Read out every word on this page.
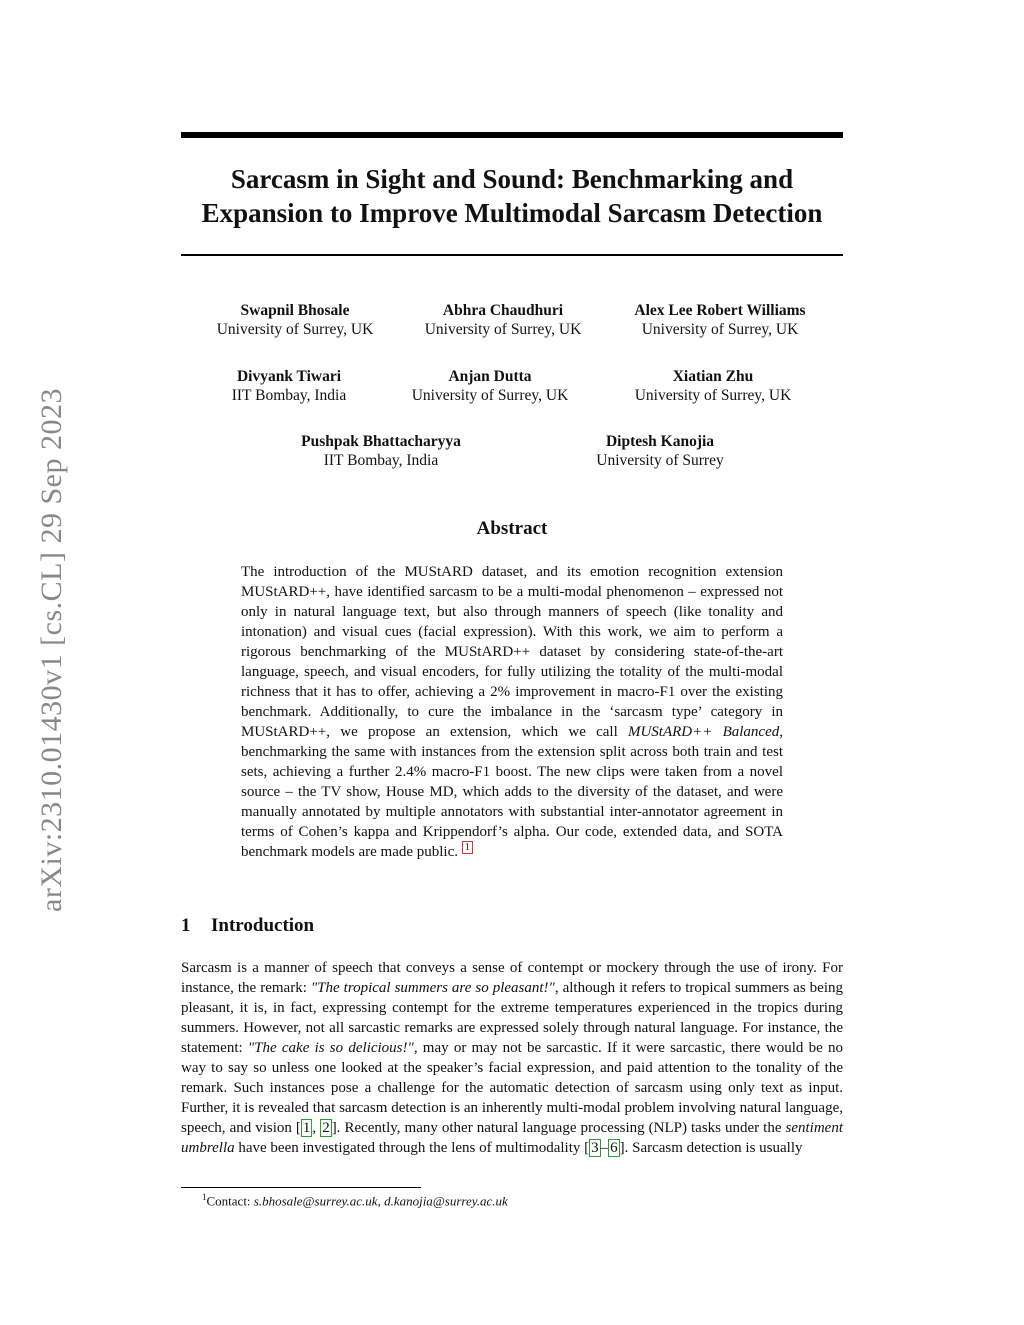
arXiv:2310.01430v1 [cs.CL] 29 Sep 2023
Sarcasm in Sight and Sound: Benchmarking and
Expansion to Improve Multimodal Sarcasm Detection
Swapnil Bhosale
University of Surrey, UK
Abhra Chaudhuri
University of Surrey, UK
Alex Lee Robert Williams
University of Surrey, UK
Divyank Tiwari
IIT Bombay, India
Anjan Dutta
University of Surrey, UK
Xiatian Zhu
University of Surrey, UK
Pushpak Bhattacharyya
IIT Bombay, India
Diptesh Kanojia
University of Surrey
Abstract
The introduction of the MUStARD dataset, and its emotion recognition extension MUStARD++, have identified sarcasm to be a multi-modal phenomenon – expressed not only in natural language text, but also through manners of speech (like tonality and intonation) and visual cues (facial expression). With this work, we aim to perform a rigorous benchmarking of the MUStARD++ dataset by considering state-of-the-art language, speech, and visual encoders, for fully utilizing the totality of the multi-modal richness that it has to offer, achieving a 2% improvement in macro-F1 over the existing benchmark. Additionally, to cure the imbalance in the ‘sarcasm type’ category in MUStARD++, we propose an extension, which we call MUStARD++ Balanced, benchmarking the same with instances from the extension split across both train and test sets, achieving a further 2.4% macro-F1 boost. The new clips were taken from a novel source – the TV show, House MD, which adds to the diversity of the dataset, and were manually annotated by multiple annotators with substantial inter-annotator agreement in terms of Cohen’s kappa and Krippendorf’s alpha. Our code, extended data, and SOTA benchmark models are made public. $^1$
1 Introduction
Sarcasm is a manner of speech that conveys a sense of contempt or mockery through the use of irony. For instance, the remark: "The tropical summers are so pleasant!", although it refers to tropical summers as being pleasant, it is, in fact, expressing contempt for the extreme temperatures experienced in the tropics during summers. However, not all sarcastic remarks are expressed solely through natural language. For instance, the statement: "The cake is so delicious!", may or may not be sarcastic. If it were sarcastic, there would be no way to say so unless one looked at the speaker’s facial expression, and paid attention to the tonality of the remark. Such instances pose a challenge for the automatic detection of sarcasm using only text as input. Further, it is revealed that sarcasm detection is an inherently multi-modal problem involving natural language, speech, and vision [ 1 , 2 ]. Recently, many other natural language processing (NLP) tasks under the sentiment umbrella have been investigated through the lens of multimodality [ 3 – 6 ]. Sarcasm detection is usually
$^1$Contact: s.bhosale@surrey.ac.uk, d.kanojia@surrey.ac.uk
